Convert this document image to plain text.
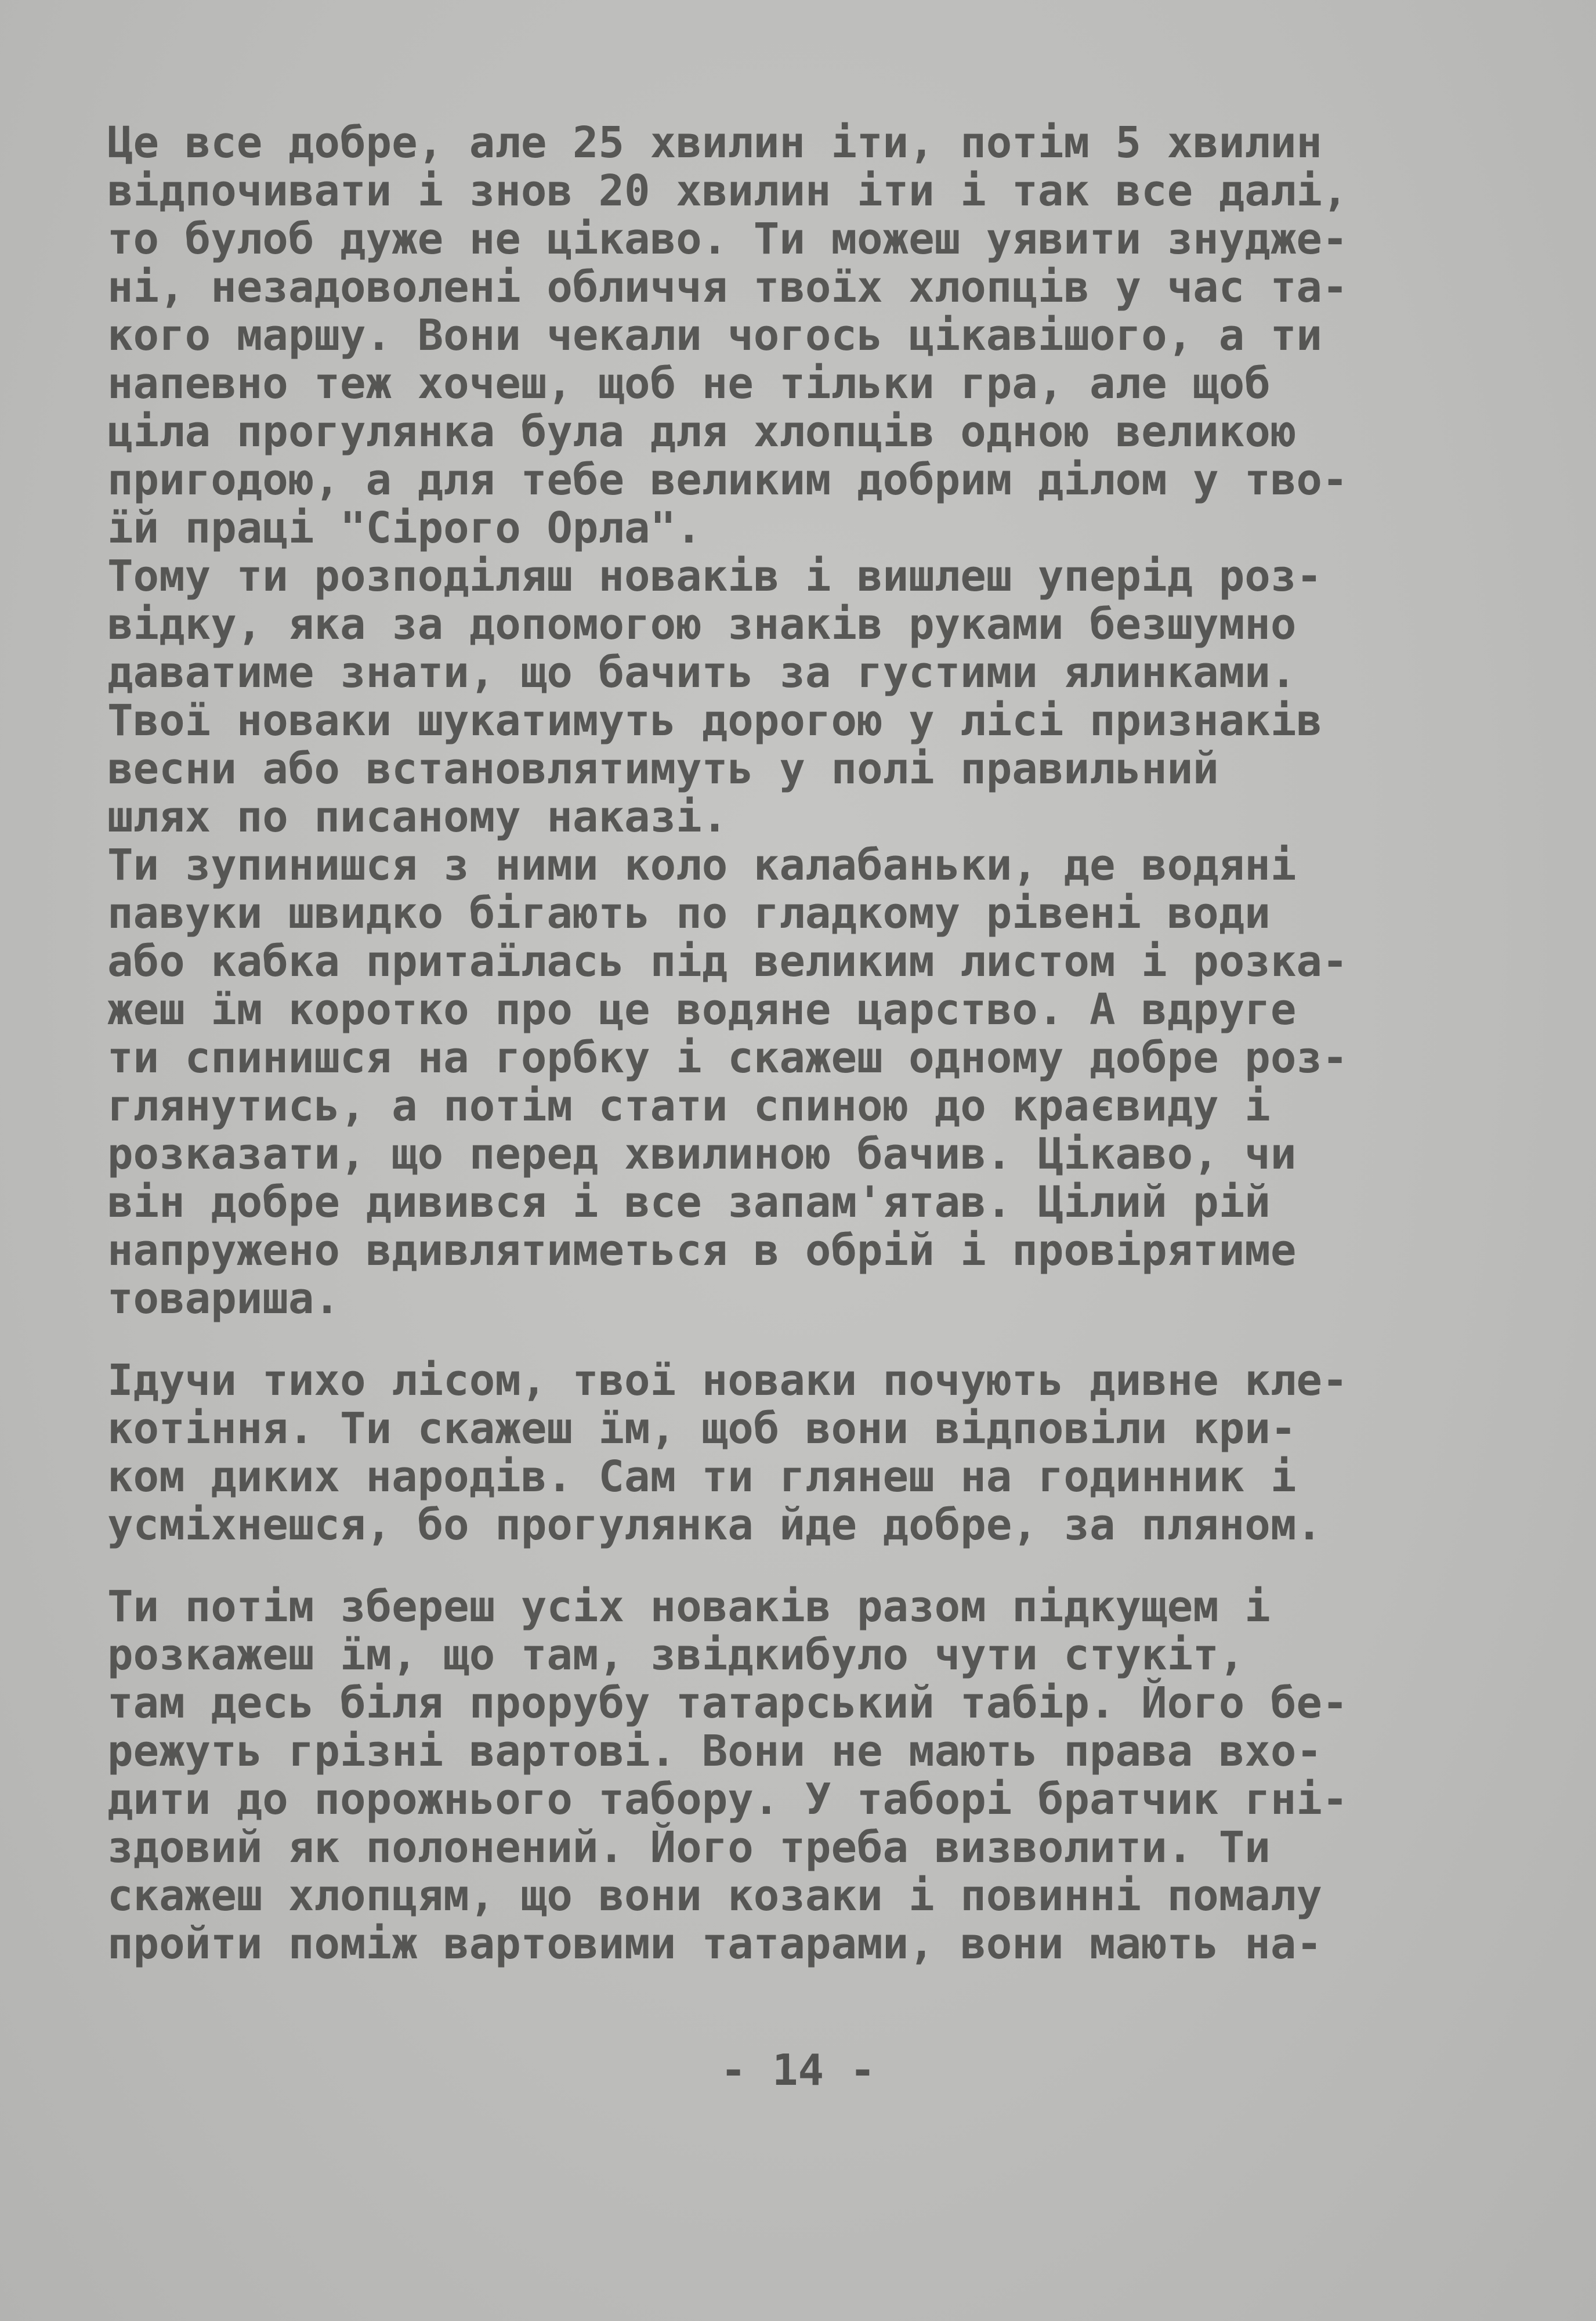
Це все добре, але 25 хвилин іти, потім 5 хвилин
відпочивати і знов 20 хвилин іти і так все далі,
то булоб дуже не цікаво. Ти можеш уявити знуджe-
ні, незадоволені обличчя твоїх хлопців у час та-
кого маршу. Вони чекали чогось цікавішого, а ти
напевно теж хочеш, щоб не тільки гра, але щоб
ціла прогулянка була для хлопців одною великою
пригодою, а для тебе великим добрим ділом у тво-
їй праці "Сірого Орла".
Тому ти розподіляш новаків і вишлеш уперід роз-
відку, яка за допомогою знаків руками безшумно
даватиме знати, що бачить за густими ялинками.
Твої новаки шукатимуть дорогою у лісі признаків
весни або встановлятимуть у полі правильний
шлях по писаному наказі.
Ти зупинишся з ними коло калабаньки, де водяні
павуки швидко бігають по гладкому рівені води
або кабка притаїлась під великим листом і розка-
жеш їм коротко про це водяне царство. А вдруге
ти спинишся на горбку і скажеш одному добре роз-
глянутись, а потім стати спиною до краєвиду і
розказати, що перед хвилиною бачив. Цікаво, чи
він добре дивився і все запам'ятав. Цілий рій
напружено вдивлятиметься в обрій і провірятиме
товариша.
Ідучи тихо лісом, твої новаки почують дивне кле-
котіння. Ти скажеш їм, щоб вони відповіли кри-
ком диких народів. Сам ти глянеш на годинник і
усміхнешся, бо прогулянка йде добре, за пляном.
Ти потім збереш усіх новаків разом підкущем і
розкажеш їм, що там, звідкибуло чути стукіт,
там десь біля прорубу татарський табір. Його бе-
режуть грізні вартові. Вони не мають права вхо-
дити до порожнього табору. У таборі братчик гні-
здовий як полонений. Його треба визволити. Ти
скажеш хлопцям, що вони козаки і повинні помалу
пройти поміж вартовими татарами, вони мають на-
- 14 -
